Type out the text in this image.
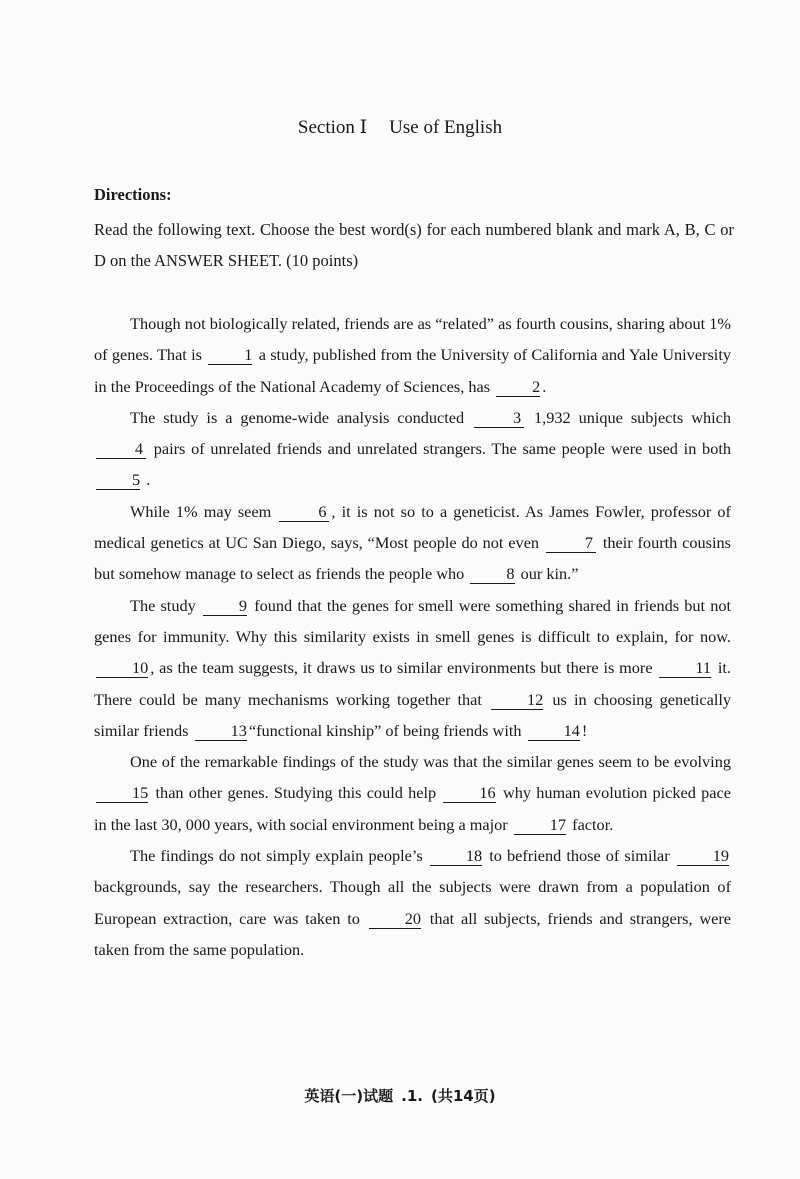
Section Ⅰ Use of English
Directions:
Read the following text. Choose the best word(s) for each numbered blank and mark A, B, C or D on the ANSWER SHEET. (10 points)

Though not biologically related, friends are as “related” as fourth cousins, sharing about 1% of genes. That is	1 a study, published from the University of California and Yale University in the Proceedings of the National Academy of Sciences, has	2 .

The study is a genome-wide analysis conducted	3 1,932 unique subjects which 4 pairs of unrelated friends and unrelated strangers. The same people were used in both 5 .

While 1% may seem	6 , it is not so to a geneticist. As James Fowler, professor of medical genetics at UC San Diego, says, “Most people do not even	7 their fourth cousins but somehow manage to select as friends the people who	8 our kin.”

The study	9 found that the genes for smell were something shared in friends but not genes for immunity. Why this similarity exists in smell genes is difficult to explain, for now. 10 , as the team suggests, it draws us to similar environments but there is more	11 it. There could be many mechanisms working together that	12 us in choosing genetically similar friends	13 “functional kinship” of being friends with	14 !

One of the remarkable findings of the study was that the similar genes seem to be evolving 15 than other genes. Studying this could help	16 why human evolution picked pace in the last 30, 000 years, with social environment being a major	17 factor.

The findings do not simply explain people’s	18 to befriend those of similar	19 backgrounds, say the researchers. Though all the subjects were drawn from a population of European extraction, care was taken to	20 that all subjects, friends and strangers, were taken from the same population.

英语(一)试题 .1. (共14页)
